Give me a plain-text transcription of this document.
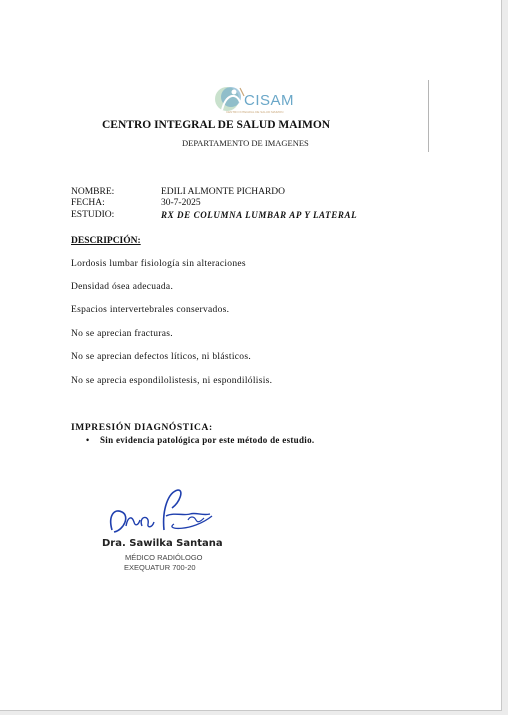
CISAM
CENTRO INTEGRAL DE SALUD MAIMON
CENTRO INTEGRAL DE SALUD MAIMON
DEPARTAMENTO DE IMAGENES
NOMBRE:	EDILI ALMONTE PICHARDO
FECHA:	30-7-2025
ESTUDIO:	RX DE COLUMNA LUMBAR AP Y LATERAL
DESCRIPCIÓN:
Lordosis lumbar fisiología sin alteraciones
Densidad ósea adecuada.
Espacios intervertebrales conservados.
No se aprecian fracturas.
No se aprecian defectos líticos, ni blásticos.
No se aprecia espondilolistesis, ni espondilólisis.
IMPRESIÓN DIAGNÓSTICA:
• Sin evidencia patológica por este método de estudio.
Dra. Sawilka Santana
MÉDICO RADIÓLOGO
EXEQUATUR 700-20
